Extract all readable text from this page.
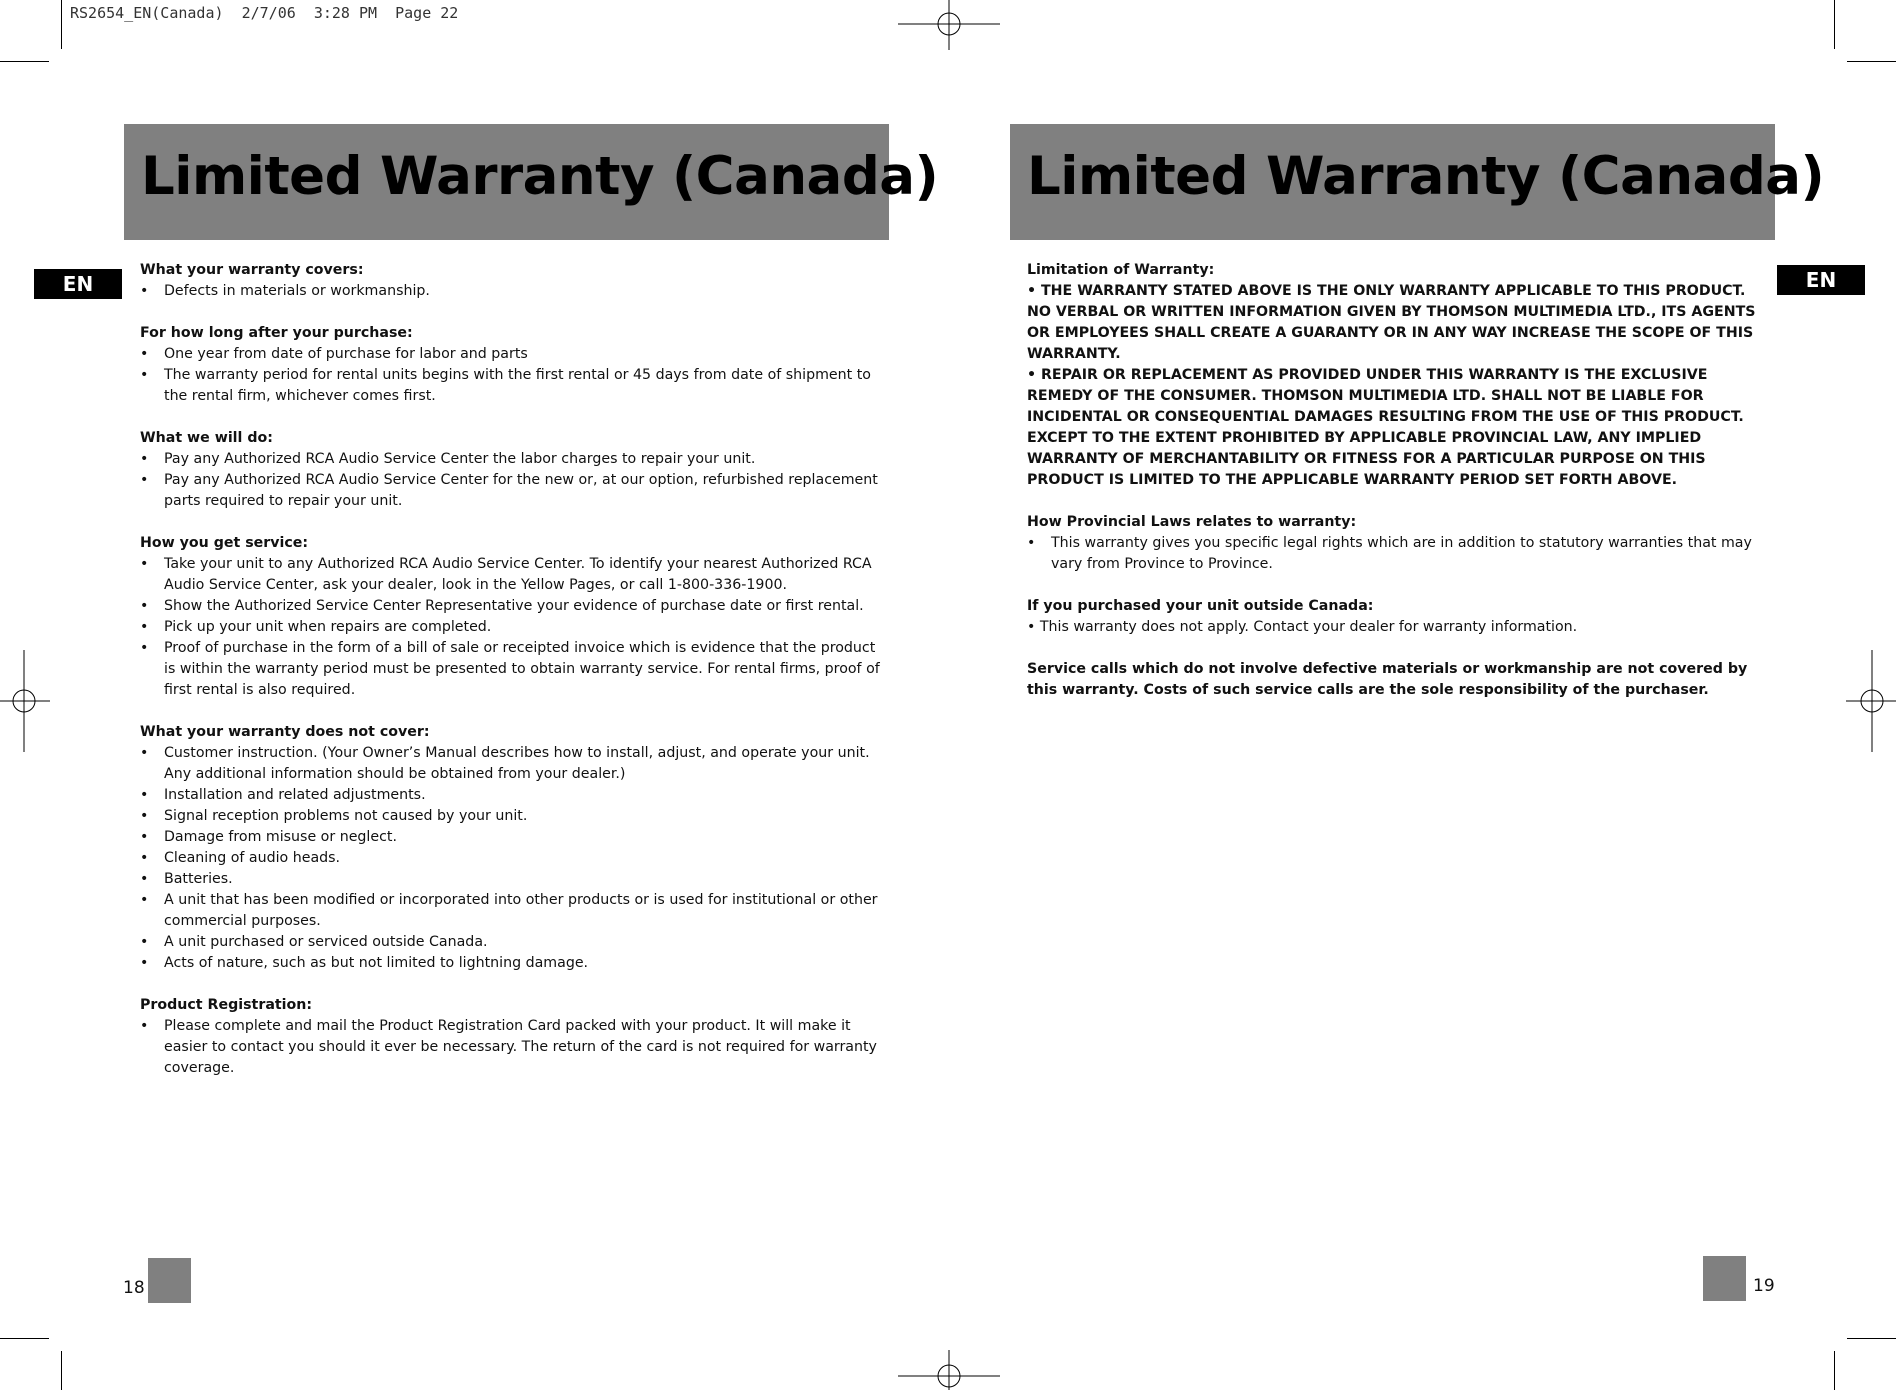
RS2654_EN(Canada)  2/7/06  3:28 PM  Page 22
Limited Warranty (Canada)
EN
What your warranty covers:
• Defects in materials or workmanship.
For how long after your purchase:
• One year from date of purchase for labor and parts
• The warranty period for rental units begins with the first rental or 45 days from date of shipment to the rental firm, whichever comes first.
What we will do:
• Pay any Authorized RCA Audio Service Center the labor charges to repair your unit.
• Pay any Authorized RCA Audio Service Center for the new or, at our option, refurbished replacement parts required to repair your unit.
How you get service:
• Take your unit to any Authorized RCA Audio Service Center. To identify your nearest Authorized RCA Audio Service Center, ask your dealer, look in the Yellow Pages, or call 1-800-336-1900.
• Show the Authorized Service Center Representative your evidence of purchase date or first rental.
• Pick up your unit when repairs are completed.
• Proof of purchase in the form of a bill of sale or receipted invoice which is evidence that the product is within the warranty period must be presented to obtain warranty service. For rental firms, proof of first rental is also required.
What your warranty does not cover:
• Customer instruction. (Your Owner’s Manual describes how to install, adjust, and operate your unit. Any additional information should be obtained from your dealer.)
• Installation and related adjustments.
• Signal reception problems not caused by your unit.
• Damage from misuse or neglect.
• Cleaning of audio heads.
• Batteries.
• A unit that has been modified or incorporated into other products or is used for institutional or other commercial purposes.
• A unit purchased or serviced outside Canada.
• Acts of nature, such as but not limited to lightning damage.
Product Registration:
• Please complete and mail the Product Registration Card packed with your product. It will make it easier to contact you should it ever be necessary. The return of the card is not required for warranty coverage.
18
Limited Warranty (Canada)
EN
Limitation of Warranty:

• THE WARRANTY STATED ABOVE IS THE ONLY WARRANTY APPLICABLE TO THIS PRODUCT. NO VERBAL OR WRITTEN INFORMATION GIVEN BY THOMSON MULTIMEDIA LTD., ITS AGENTS OR EMPLOYEES SHALL CREATE A GUARANTY OR IN ANY WAY INCREASE THE SCOPE OF THIS WARRANTY.

• REPAIR OR REPLACEMENT AS PROVIDED UNDER THIS WARRANTY IS THE EXCLUSIVE REMEDY OF THE CONSUMER. THOMSON MULTIMEDIA LTD. SHALL NOT BE LIABLE FOR INCIDENTAL OR CONSEQUENTIAL DAMAGES RESULTING FROM THE USE OF THIS PRODUCT. EXCEPT TO THE EXTENT PROHIBITED BY APPLICABLE PROVINCIAL LAW, ANY IMPLIED WARRANTY OF MERCHANTABILITY OR FITNESS FOR A PARTICULAR PURPOSE ON THIS PRODUCT IS LIMITED TO THE APPLICABLE WARRANTY PERIOD SET FORTH ABOVE.

How Provincial Laws relates to warranty:
• This warranty gives you specific legal rights which are in addition to statutory warranties that may vary from Province to Province.
If you purchased your unit outside Canada:
• This warranty does not apply. Contact your dealer for warranty information.
Service calls which do not involve defective materials or workmanship are not covered by this warranty. Costs of such service calls are the sole responsibility of the purchaser.
19
